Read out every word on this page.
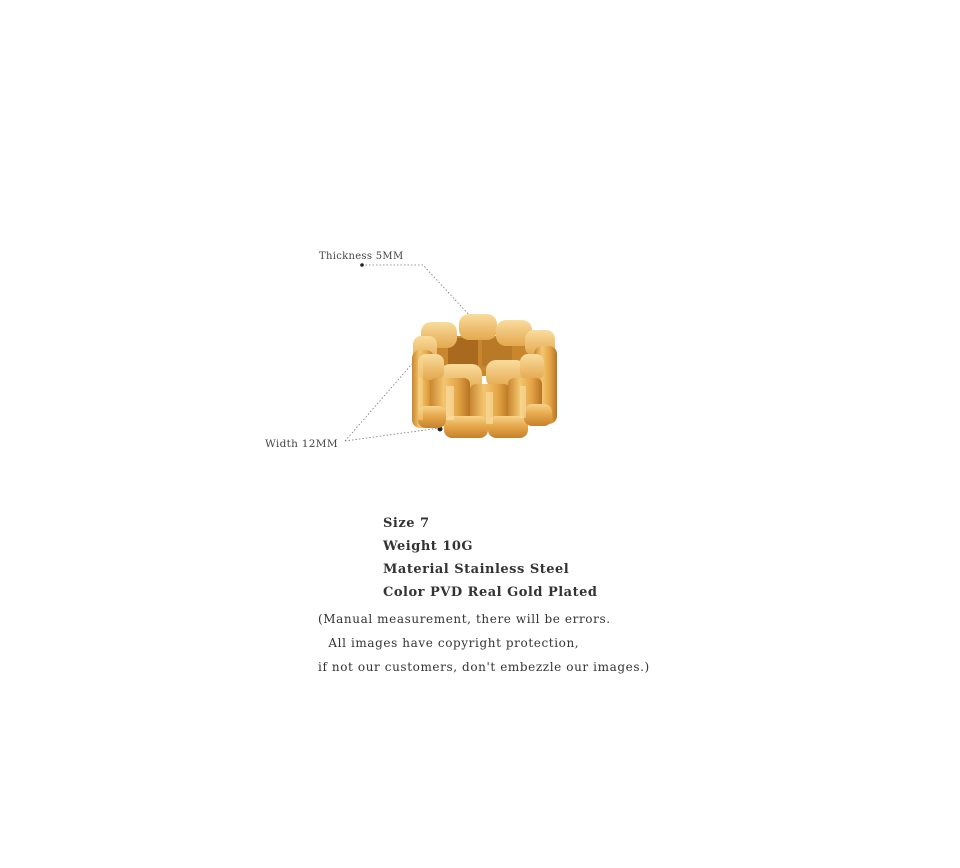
Thickness 5MM
Width 12MM
Size 7
Weight 10G
Material Stainless Steel
Color PVD Real Gold Plated
(Manual measurement, there will be errors.
All images have copyright protection,
if not our customers, don't embezzle our images.)
